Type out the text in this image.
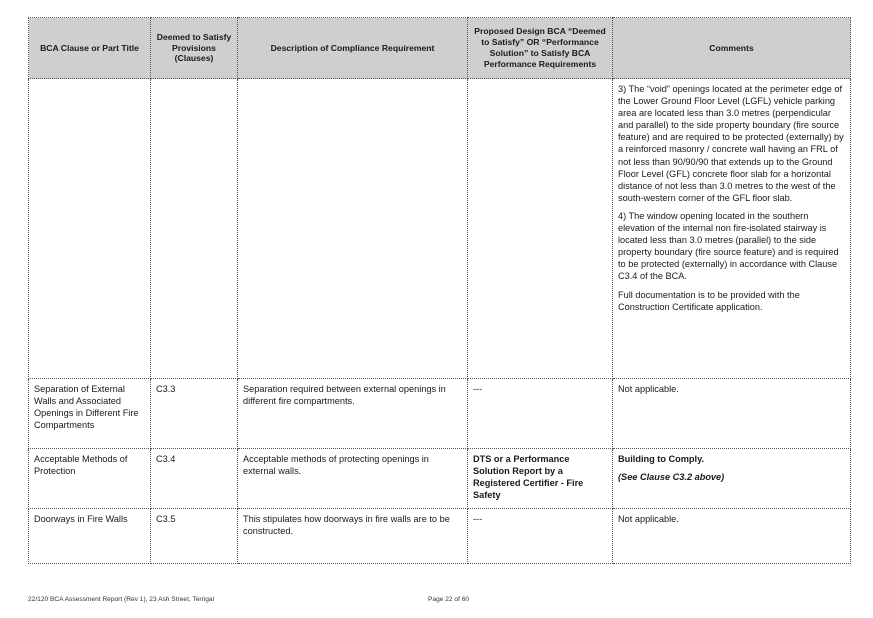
BCA Clause or Part Title	Deemed to Satisfy Provisions (Clauses)	Description of Compliance Requirement	Proposed Design BCA “Deemed to Satisfy” OR “Performance Solution” to Satisfy BCA Performance Requirements	Comments

				3) The “void” openings located at the perimeter edge of the Lower Ground Floor Level (LGFL) vehicle parking area are located less than 3.0 metres (perpendicular and parallel) to the side property boundary (fire source feature) and are required to be protected (externally) by a reinforced masonry / concrete wall having an FRL of not less than 90/90/90 that extends up to the Ground Floor Level (GFL) concrete floor slab for a horizontal distance of not less than 3.0 metres to the west of the south-western corner of the GFL floor slab.

4) The window opening located in the southern elevation of the internal non fire-isolated stairway is located less than 3.0 metres (parallel) to the side property boundary (fire source feature) and is required to be protected (externally) in accordance with Clause C3.4 of the BCA.

Full documentation is to be provided with the Construction Certificate application.

Separation of External Walls and Associated Openings in Different Fire Compartments	C3.3	Separation required between external openings in different fire compartments.	---	Not applicable.
Acceptable Methods of Protection	C3.4	Acceptable methods of protecting openings in external walls.	DTS or a Performance Solution Report by a Registered Certifier - Fire Safety	Building to Comply.

(See Clause C3.2 above)

Doorways in Fire Walls	C3.5	This stipulates how doorways in fire walls are to be constructed.	---	Not applicable.
22/120 BCA Assessment Report (Rev 1), 23 Ash Street, Terrigal	Page 22 of 60
